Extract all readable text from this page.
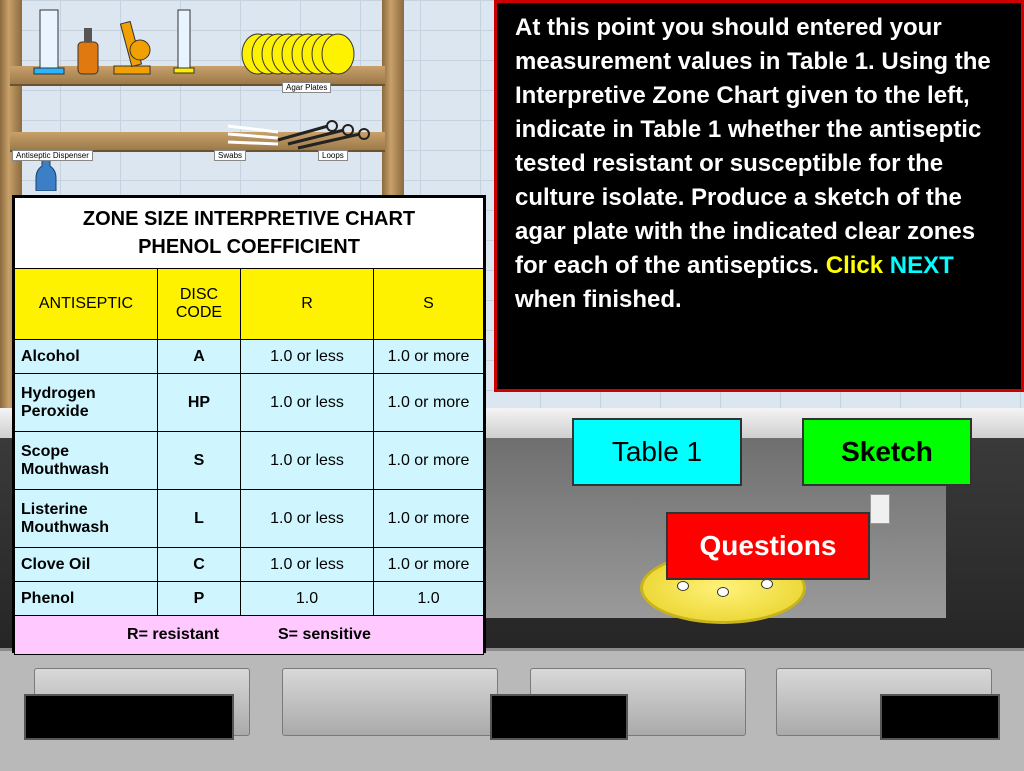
Agar Plates
Antiseptic Dispenser	Swabs	Loops
ZONE SIZE INTERPRETIVE CHART
PHENOL COEFFICIENT			

ANTISEPTIC	DISC CODE	R	S
Alcohol	A	1.0 or less	1.0 or more
Hydrogen Peroxide	HP	1.0 or less	1.0 or more
Scope Mouthwash	S	1.0 or less	1.0 or more
Listerine Mouthwash	L	1.0 or less	1.0 or more
Clove Oil	C	1.0 or less	1.0 or more
Phenol	P	1.0	1.0
R= resistant S= sensitive			
At this point you should entered your measurement values in Table 1. Using the Interpretive Zone Chart given to the left, indicate in Table 1 whether the antiseptic tested resistant or susceptible for the culture isolate. Produce a sketch of the agar plate with the indicated clear zones for each of the antiseptics. Click NEXT when finished.
Table 1	Sketch
Questions
